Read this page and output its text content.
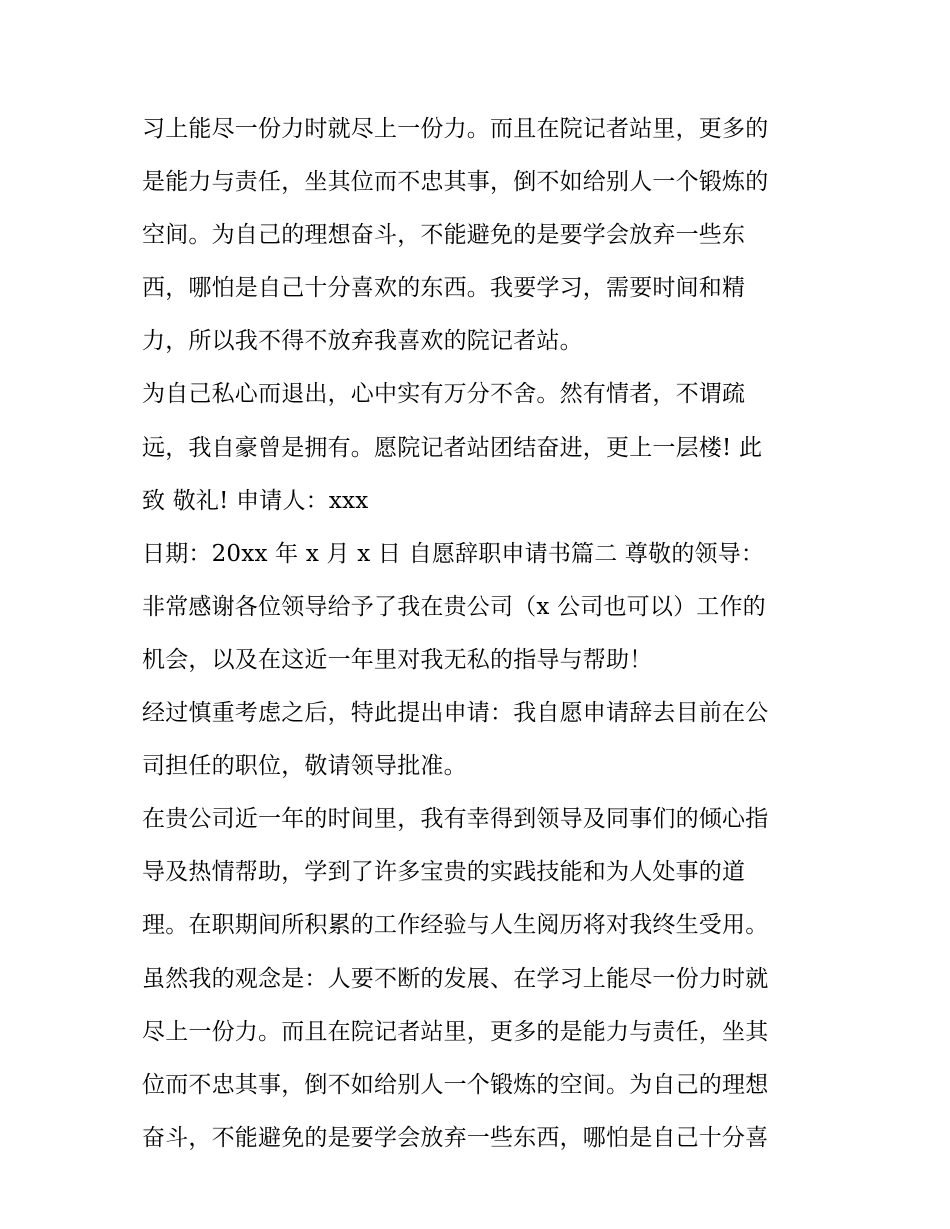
习上能尽一份力时就尽上一份力。而且在院记者站里，更多的
是能力与责任，坐其位而不忠其事，倒不如给别人一个锻炼的
空间。为自己的理想奋斗，不能避免的是要学会放弃一些东
西，哪怕是自己十分喜欢的东西。我要学习，需要时间和精
力，所以我不得不放弃我喜欢的院记者站。
为自己私心而退出，心中实有万分不舍。然有情者，不谓疏
远，我自豪曾是拥有。愿院记者站团结奋进，更上一层楼! 此
致 敬礼! 申请人：xxx
日期：20xx 年 x 月 x 日 自愿辞职申请书篇二 尊敬的领导：
非常感谢各位领导给予了我在贵公司（x 公司也可以）工作的
机会，以及在这近一年里对我无私的指导与帮助！
经过慎重考虑之后，特此提出申请：我自愿申请辞去目前在公
司担任的职位，敬请领导批准。
在贵公司近一年的时间里，我有幸得到领导及同事们的倾心指
导及热情帮助，学到了许多宝贵的实践技能和为人处事的道
理。在职期间所积累的工作经验与人生阅历将对我终生受用。
虽然我的观念是：人要不断的发展、在学习上能尽一份力时就
尽上一份力。而且在院记者站里，更多的是能力与责任，坐其
位而不忠其事，倒不如给别人一个锻炼的空间。为自己的理想
奋斗，不能避免的是要学会放弃一些东西，哪怕是自己十分喜
